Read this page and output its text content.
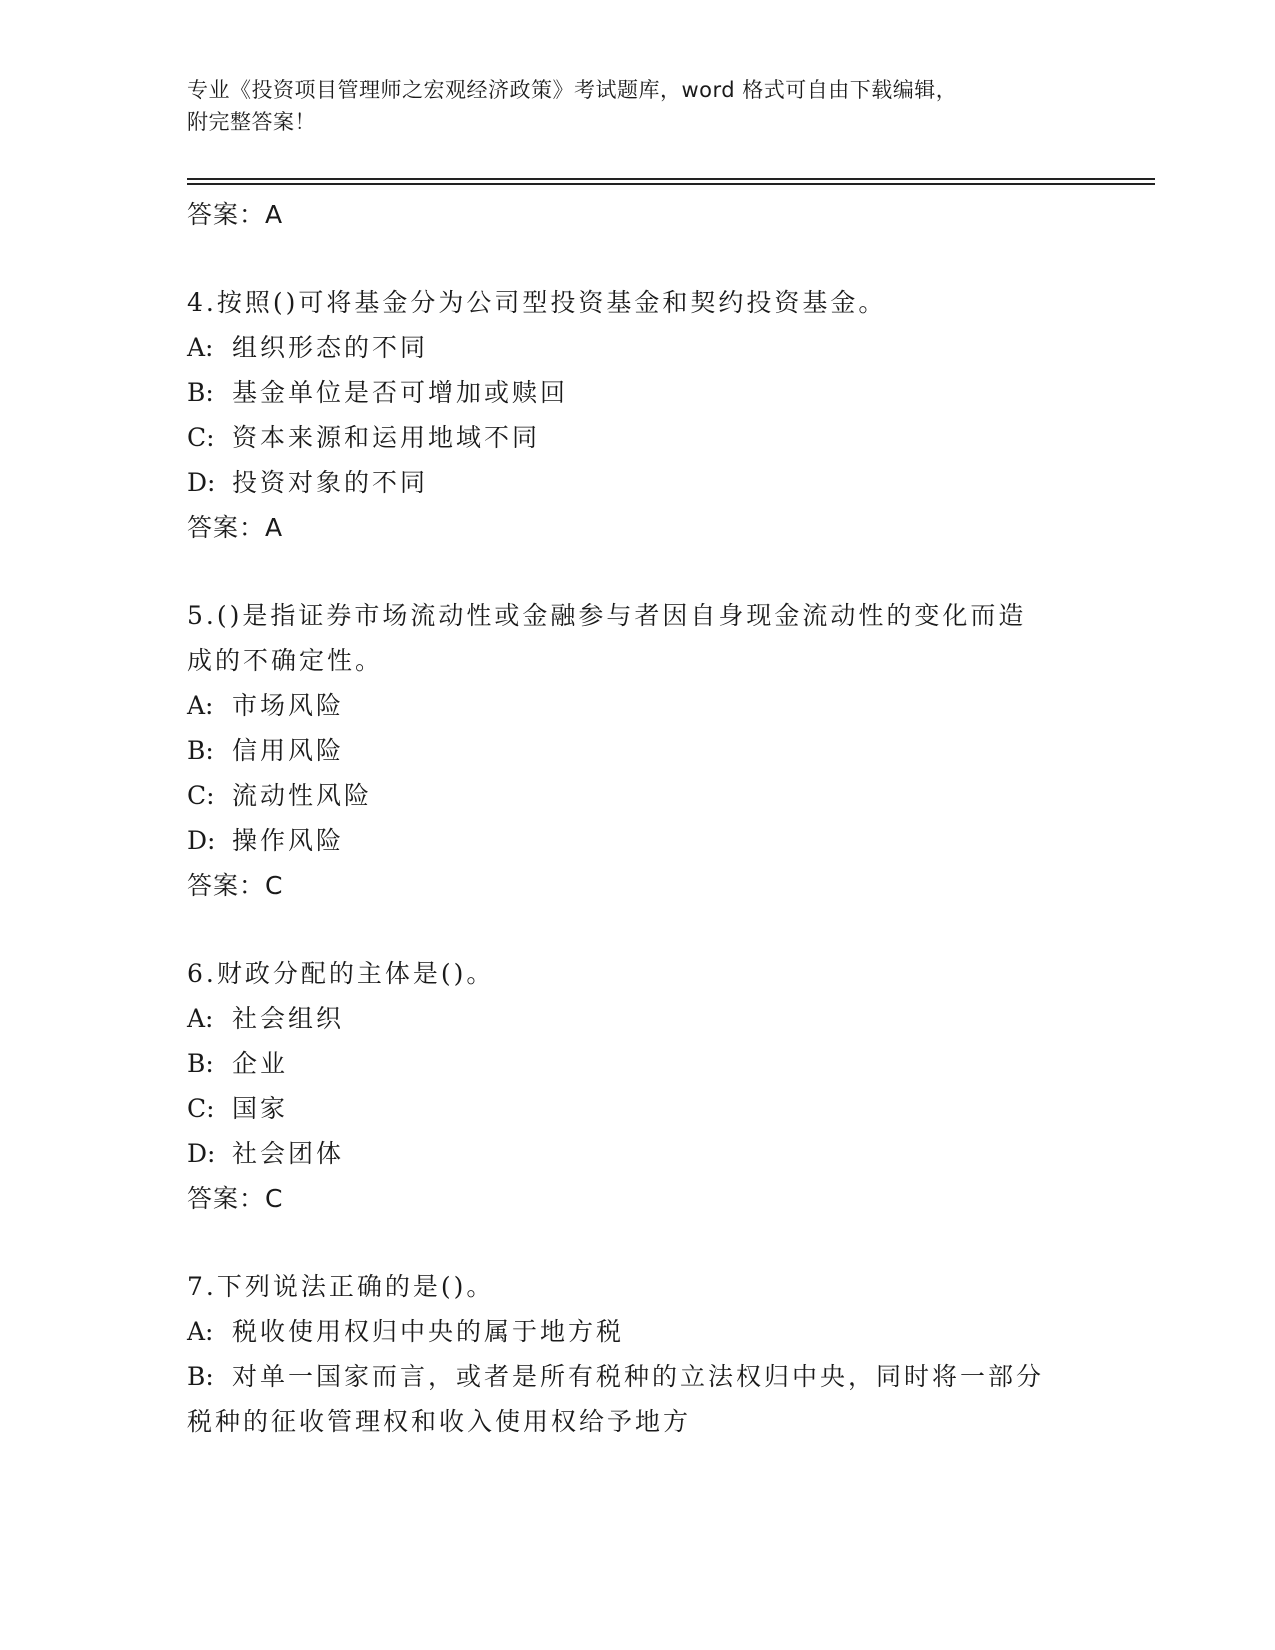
专业《投资项目管理师之宏观经济政策》考试题库，word 格式可自由下载编辑，
附完整答案！
答案：A
4.按照()可将基金分为公司型投资基金和契约投资基金。
A: 组织形态的不同
B: 基金单位是否可增加或赎回
C: 资本来源和运用地域不同
D: 投资对象的不同
答案：A
5.()是指证券市场流动性或金融参与者因自身现金流动性的变化而造
成的不确定性。
A: 市场风险
B: 信用风险
C: 流动性风险
D: 操作风险
答案：C
6.财政分配的主体是()。
A: 社会组织
B: 企业
C: 国家
D: 社会团体
答案：C
7.下列说法正确的是()。
A: 税收使用权归中央的属于地方税
B: 对单一国家而言，或者是所有税种的立法权归中央，同时将一部分
税种的征收管理权和收入使用权给予地方
